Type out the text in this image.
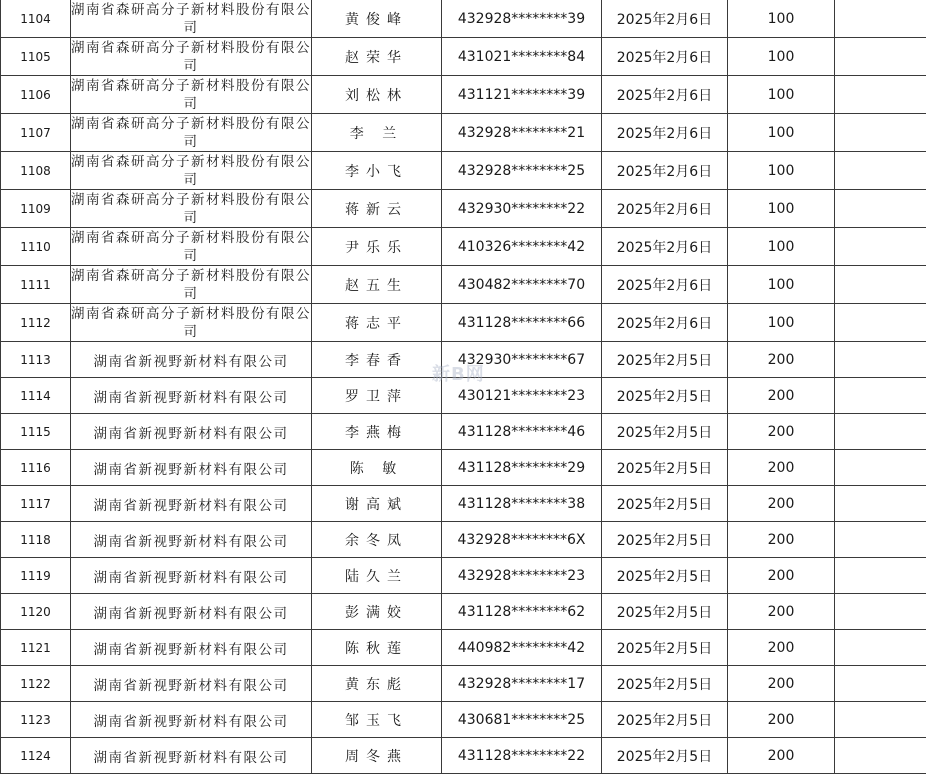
1104	湖南省森研高分子新材料股份有限公司	黄俊峰	432928********39	2025年2月6日	100	
1105	湖南省森研高分子新材料股份有限公司	赵荣华	431021********84	2025年2月6日	100	
1106	湖南省森研高分子新材料股份有限公司	刘松林	431121********39	2025年2月6日	100	
1107	湖南省森研高分子新材料股份有限公司	李 兰	432928********21	2025年2月6日	100	
1108	湖南省森研高分子新材料股份有限公司	李小飞	432928********25	2025年2月6日	100	
1109	湖南省森研高分子新材料股份有限公司	蒋新云	432930********22	2025年2月6日	100	
1110	湖南省森研高分子新材料股份有限公司	尹乐乐	410326********42	2025年2月6日	100	
1111	湖南省森研高分子新材料股份有限公司	赵五生	430482********70	2025年2月6日	100	
1112	湖南省森研高分子新材料股份有限公司	蒋志平	431128********66	2025年2月6日	100	
1113	湖南省新视野新材料有限公司	李春香	432930********67	2025年2月5日	200	
1114	湖南省新视野新材料有限公司	罗卫萍	430121********23	2025年2月5日	200	
1115	湖南省新视野新材料有限公司	李燕梅	431128********46	2025年2月5日	200	
1116	湖南省新视野新材料有限公司	陈 敏	431128********29	2025年2月5日	200	
1117	湖南省新视野新材料有限公司	谢高斌	431128********38	2025年2月5日	200	
1118	湖南省新视野新材料有限公司	余冬凤	432928********6X	2025年2月5日	200	
1119	湖南省新视野新材料有限公司	陆久兰	432928********23	2025年2月5日	200	
1120	湖南省新视野新材料有限公司	彭满姣	431128********62	2025年2月5日	200	
1121	湖南省新视野新材料有限公司	陈秋莲	440982********42	2025年2月5日	200	
1122	湖南省新视野新材料有限公司	黄东彪	432928********17	2025年2月5日	200	
1123	湖南省新视野新材料有限公司	邹玉飞	430681********25	2025年2月5日	200	
1124	湖南省新视野新材料有限公司	周冬燕	431128********22	2025年2月5日	200	
新B网
